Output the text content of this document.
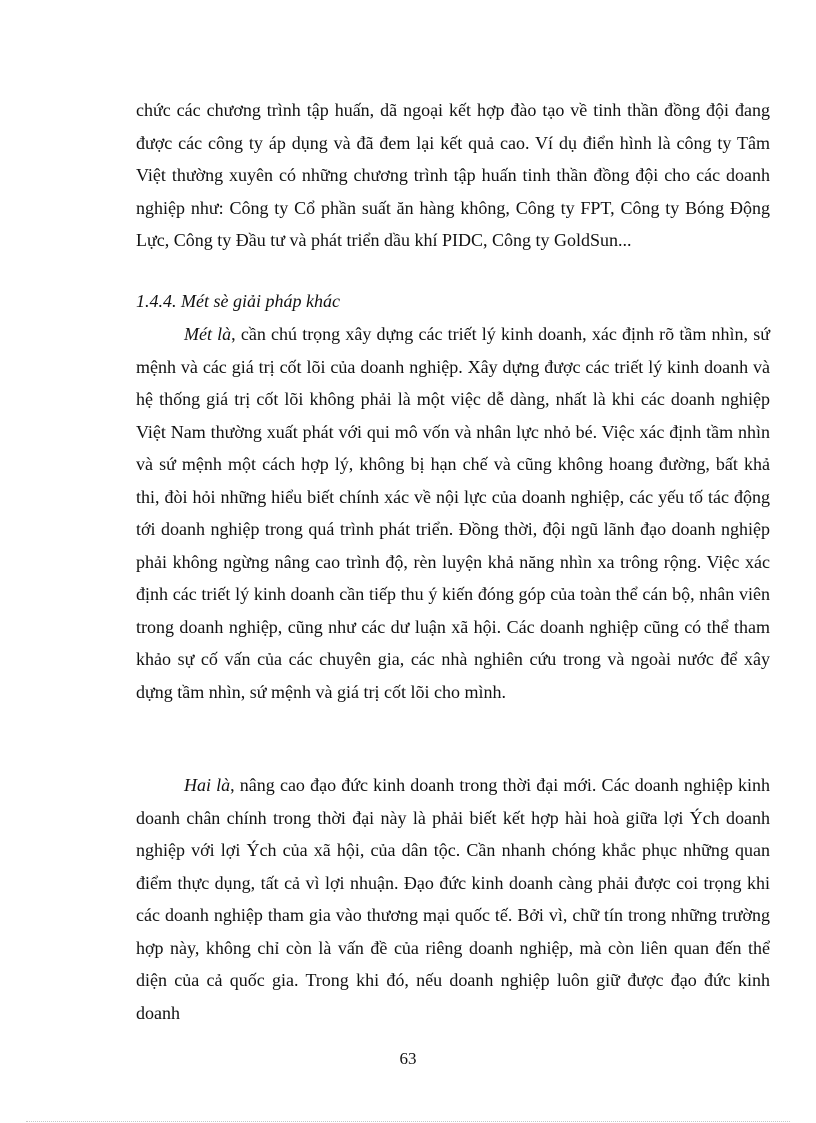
chức các chương trình tập huấn, dã ngoại kết hợp đào tạo về tinh thần đồng đội đang được các công ty áp dụng và đã đem lại kết quả cao. Ví dụ điển hình là công ty Tâm Việt thường xuyên có những chương trình tập huấn tinh thần đồng đội cho các doanh nghiệp như: Công ty Cổ phần suất ăn hàng không, Công ty FPT, Công ty Bóng Động Lực, Công ty Đầu tư và phát triển dầu khí PIDC, Công ty GoldSun...

1.4.4. Mét sè giải pháp khác

Mét là, cần chú trọng xây dựng các triết lý kinh doanh, xác định rõ tầm nhìn, sứ mệnh và các giá trị cốt lõi của doanh nghiệp. Xây dựng được các triết lý kinh doanh và hệ thống giá trị cốt lõi không phải là một việc dễ dàng, nhất là khi các doanh nghiệp Việt Nam thường xuất phát với qui mô vốn và nhân lực nhỏ bé. Việc xác định tầm nhìn và sứ mệnh một cách hợp lý, không bị hạn chế và cũng không hoang đường, bất khả thi, đòi hỏi những hiểu biết chính xác về nội lực của doanh nghiệp, các yếu tố tác động tới doanh nghiệp trong quá trình phát triển. Đồng thời, đội ngũ lãnh đạo doanh nghiệp phải không ngừng nâng cao trình độ, rèn luyện khả năng nhìn xa trông rộng. Việc xác định các triết lý kinh doanh cần tiếp thu ý kiến đóng góp của toàn thể cán bộ, nhân viên trong doanh nghiệp, cũng như các dư luận xã hội. Các doanh nghiệp cũng có thể tham khảo sự cố vấn của các chuyên gia, các nhà nghiên cứu trong và ngoài nước để xây dựng tầm nhìn, sứ mệnh và giá trị cốt lõi cho mình.

Hai là, nâng cao đạo đức kinh doanh trong thời đại mới. Các doanh nghiệp kinh doanh chân chính trong thời đại này là phải biết kết hợp hài hoà giữa lợi Ých doanh nghiệp với lợi Ých của xã hội, của dân tộc. Cần nhanh chóng khắc phục những quan điểm thực dụng, tất cả vì lợi nhuận. Đạo đức kinh doanh càng phải được coi trọng khi các doanh nghiệp tham gia vào thương mại quốc tế. Bởi vì, chữ tín trong những trường hợp này, không chỉ còn là vấn đề của riêng doanh nghiệp, mà còn liên quan đến thể diện của cả quốc gia. Trong khi đó, nếu doanh nghiệp luôn giữ được đạo đức kinh doanh

63
